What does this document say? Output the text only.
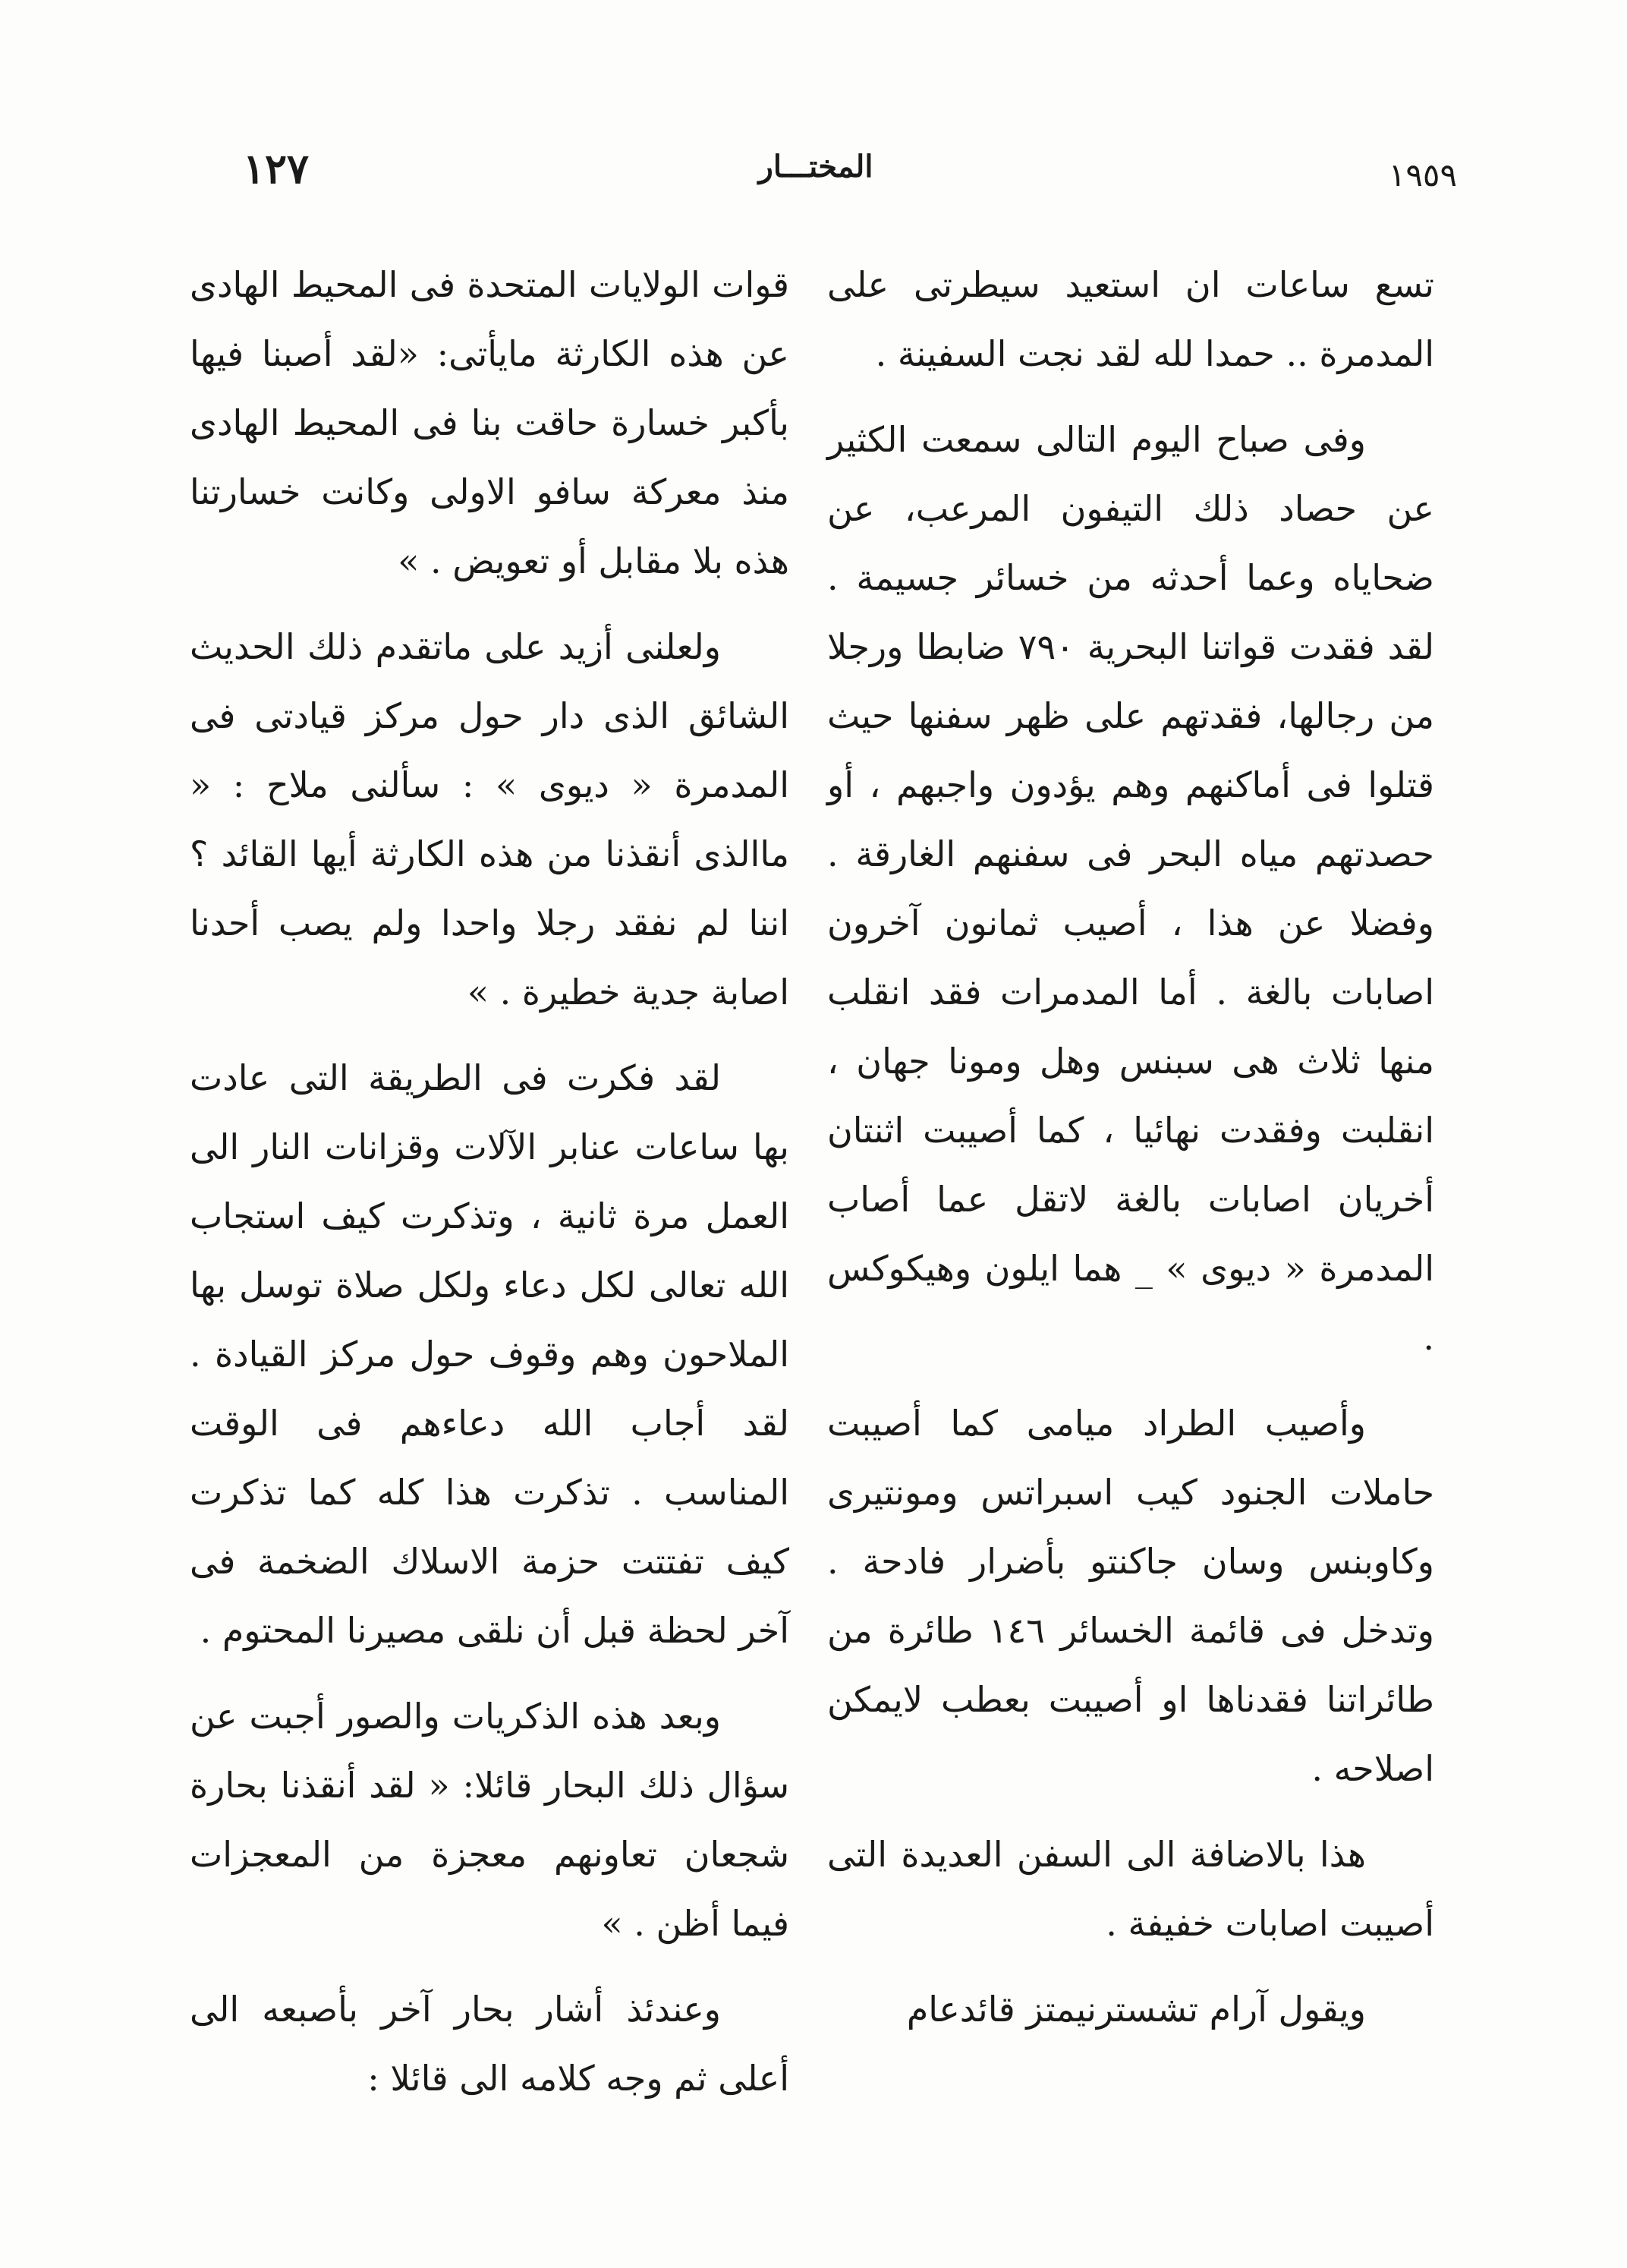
١٢٧	المختـــار	١٩٥٩

تسع ساعات ان استعيد سيطرتى على المدمرة .. حمدا لله لقد نجت السفينة .

وفى صباح اليوم التالى سمعت الكثير عن حصاد ذلك التيفون المرعب، عن ضحاياه وعما أحدثه من خسائر جسيمة . لقد فقدت قواتنا البحرية ٧٩٠ ضابطا ورجلا من رجالها، فقدتهم على ظهر سفنها حيث قتلوا فى أماكنهم وهم يؤدون واجبهم ، أو حصدتهم مياه البحر فى سفنهم الغارقة . وفضلا عن هذا ، أصيب ثمانون آخرون اصابات بالغة . أما المدمرات فقد انقلب منها ثلاث هى سبنس وهل ومونا جهان ، انقلبت وفقدت نهائيا ، كما أصيبت اثنتان أخريان اصابات بالغة لاتقل عما أصاب المدمرة « ديوى » _ هما ايلون وهيكوكس .

وأصيب الطراد ميامى كما أصيبت حاملات الجنود كيب اسبراتس ومونتيرى وكاوبنس وسان جاكنتو بأضرار فادحة . وتدخل فى قائمة الخسائر ١٤٦ طائرة من طائراتنا فقدناها او أصيبت بعطب لايمكن اصلاحه .

هذا بالاضافة الى السفن العديدة التى أصيبت اصابات خفيفة .

ويقول آرام تشسترنيمتز قائدعام

قوات الولايات المتحدة فى المحيط الهادى عن هذه الكارثة مايأتى: «لقد أصبنا فيها بأكبر خسارة حاقت بنا فى المحيط الهادى منذ معركة سافو الاولى وكانت خسارتنا هذه بلا مقابل أو تعويض . »

ولعلنى أزيد على ماتقدم ذلك الحديث الشائق الذى دار حول مركز قيادتى فى المدمرة « ديوى » : سألنى ملاح : « ماالذى أنقذنا من هذه الكارثة أيها القائد ؟ اننا لم نفقد رجلا واحدا ولم يصب أحدنا اصابة جدية خطيرة . »

لقد فكرت فى الطريقة التى عادت بها ساعات عنابر الآلات وقزانات النار الى العمل مرة ثانية ، وتذكرت كيف استجاب الله تعالى لكل دعاء ولكل صلاة توسل بها الملاحون وهم وقوف حول مركز القيادة . لقد أجاب الله دعاءهم فى الوقت المناسب . تذكرت هذا كله كما تذكرت كيف تفتتت حزمة الاسلاك الضخمة فى آخر لحظة قبل أن نلقى مصيرنا المحتوم .

وبعد هذه الذكريات والصور أجبت عن سؤال ذلك البحار قائلا: « لقد أنقذنا بحارة شجعان تعاونهم معجزة من المعجزات فيما أظن . »

وعندئذ أشار بحار آخر بأصبعه الى أعلى ثم وجه كلامه الى قائلا :
